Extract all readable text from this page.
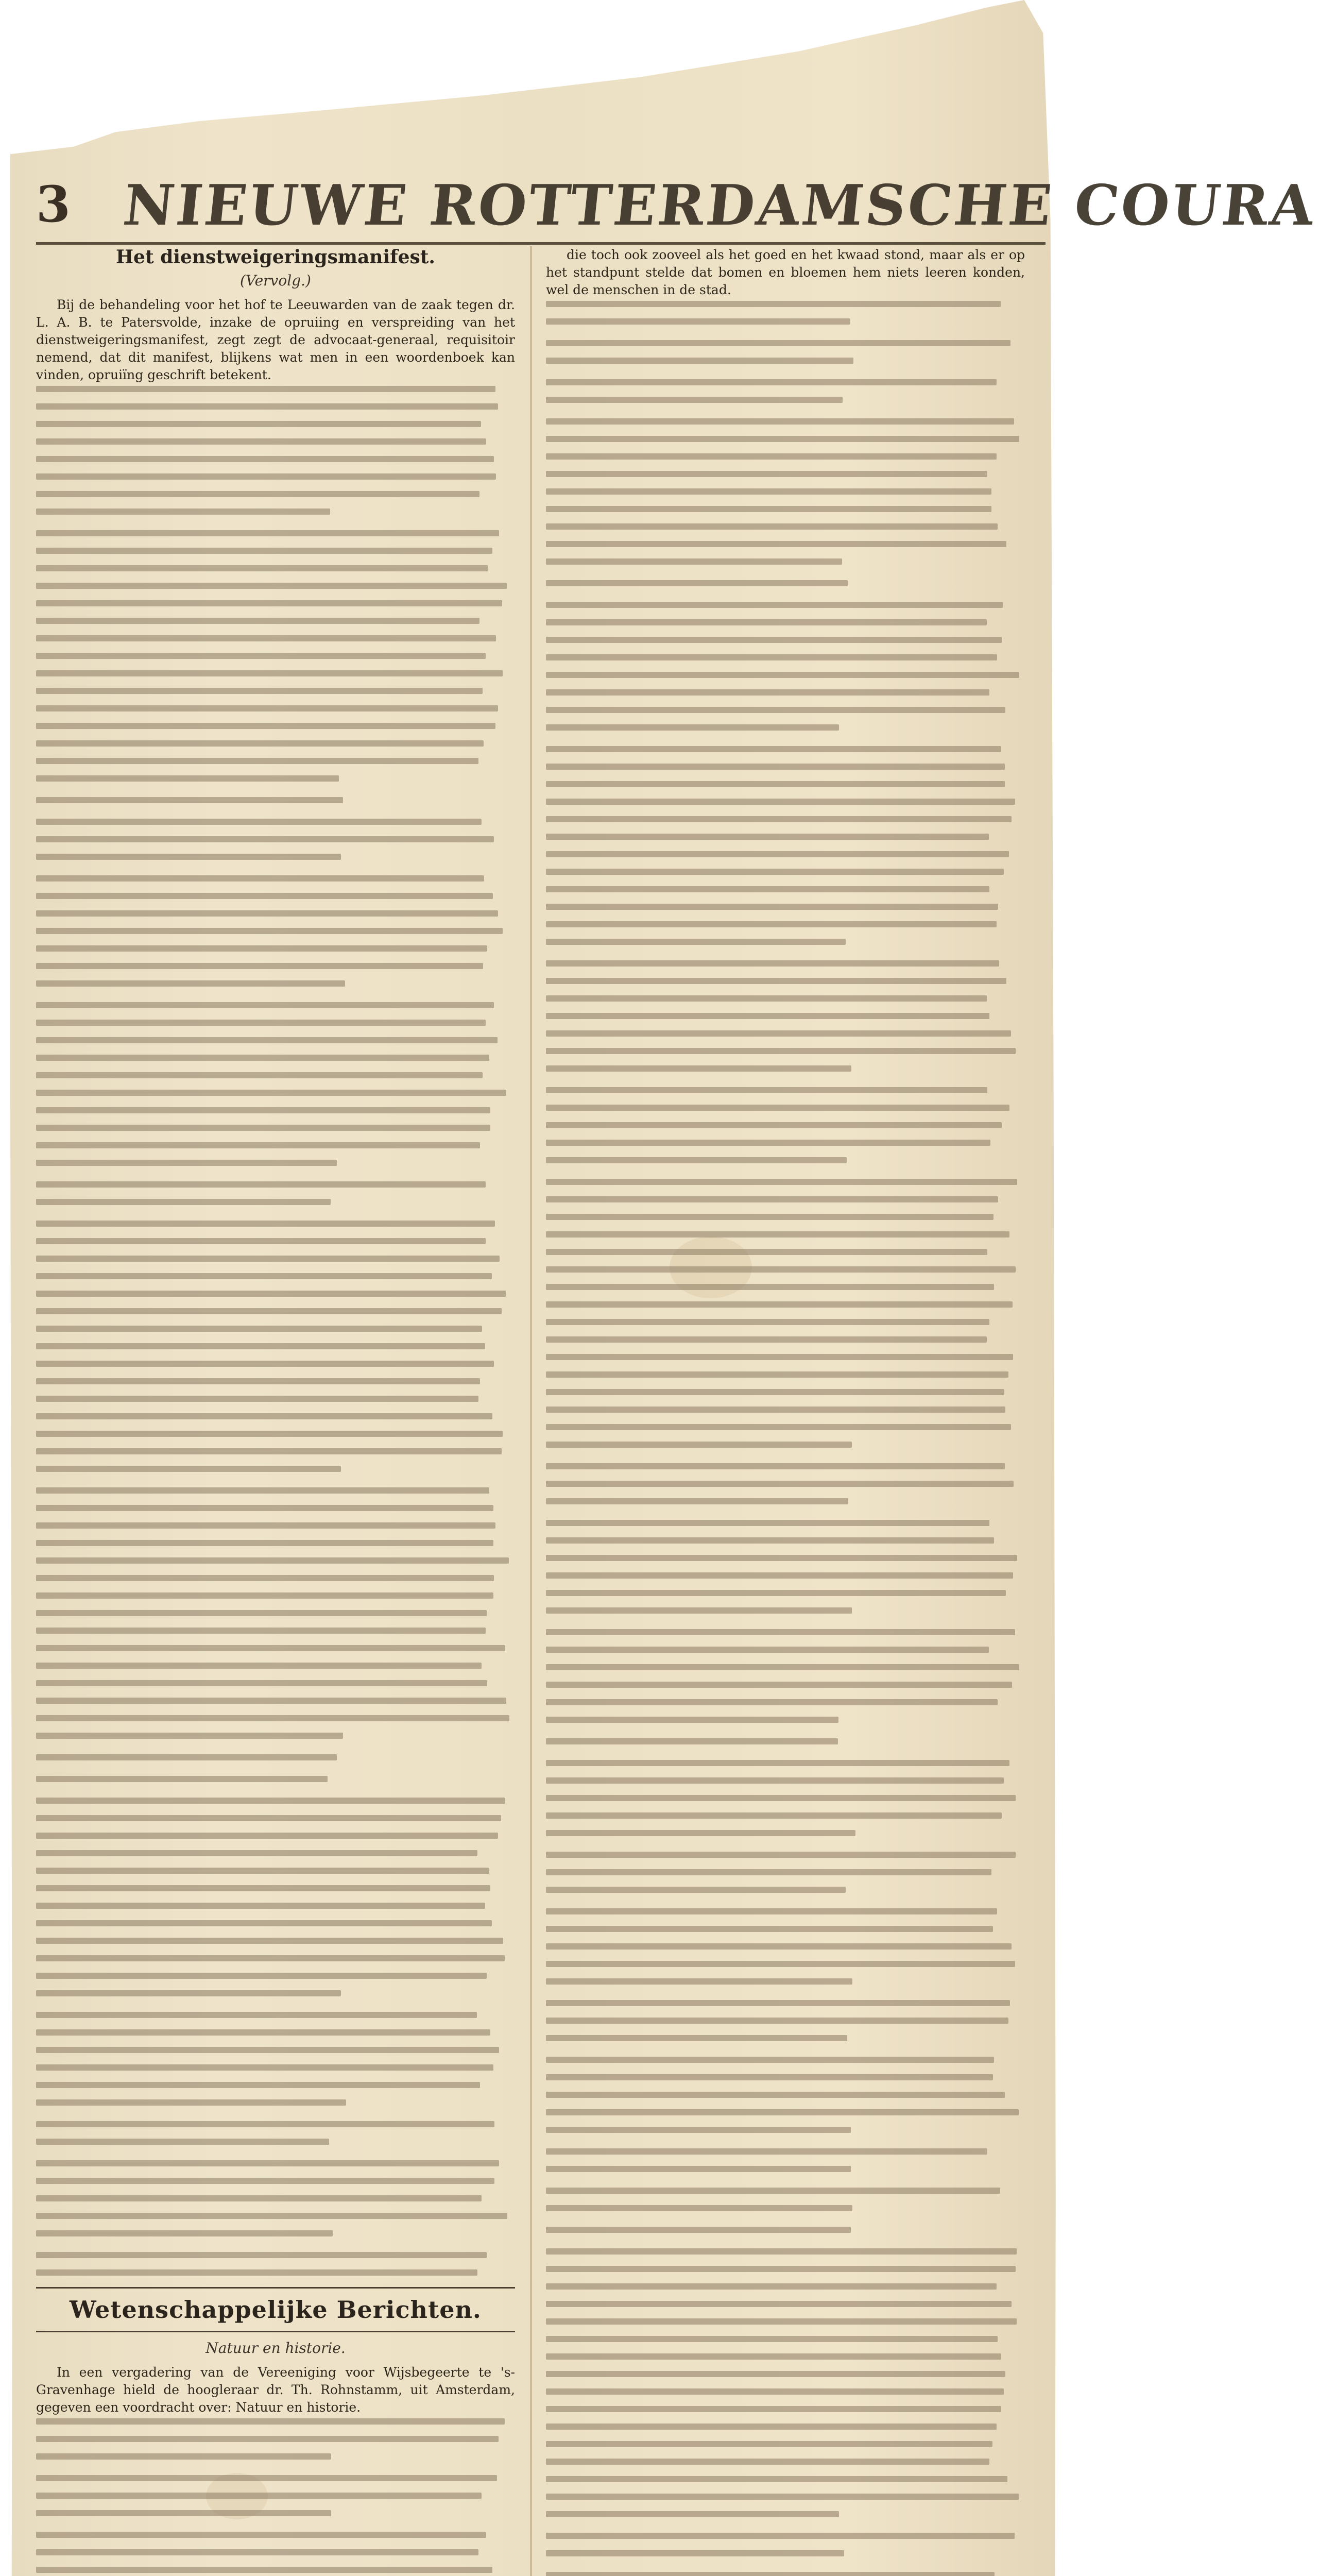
3 NIEUWE ROTTERDAMSCHE COURA
Het dienstweigeringsmanifest.
(Vervolg.)
Bij de behandeling voor het hof te Leeuwarden van de zaak tegen dr. L. A. B. te Patersvolde, inzake de opruiing en verspreiding van het dienstweigeringsmanifest, zegt zegt de advocaat-generaal, requisitoir nemend, dat dit manifest, blijkens wat men in een woordenboek kan vinden, opruiïng geschrift betekent.
Wetenschappelijke Berichten.
Natuur en historie.
In een vergadering van de Vereeniging voor Wijsbegeerte te 's-Gravenhage hield de hoogleraar dr. Th. Rohnstamm, uit Amsterdam, gegeven een voordracht over: Natuur en historie.
die toch ook zooveel als het goed en het kwaad stond, maar als er op het standpunt stelde dat bomen en bloemen hem niets leeren konden, wel de menschen in de stad.
